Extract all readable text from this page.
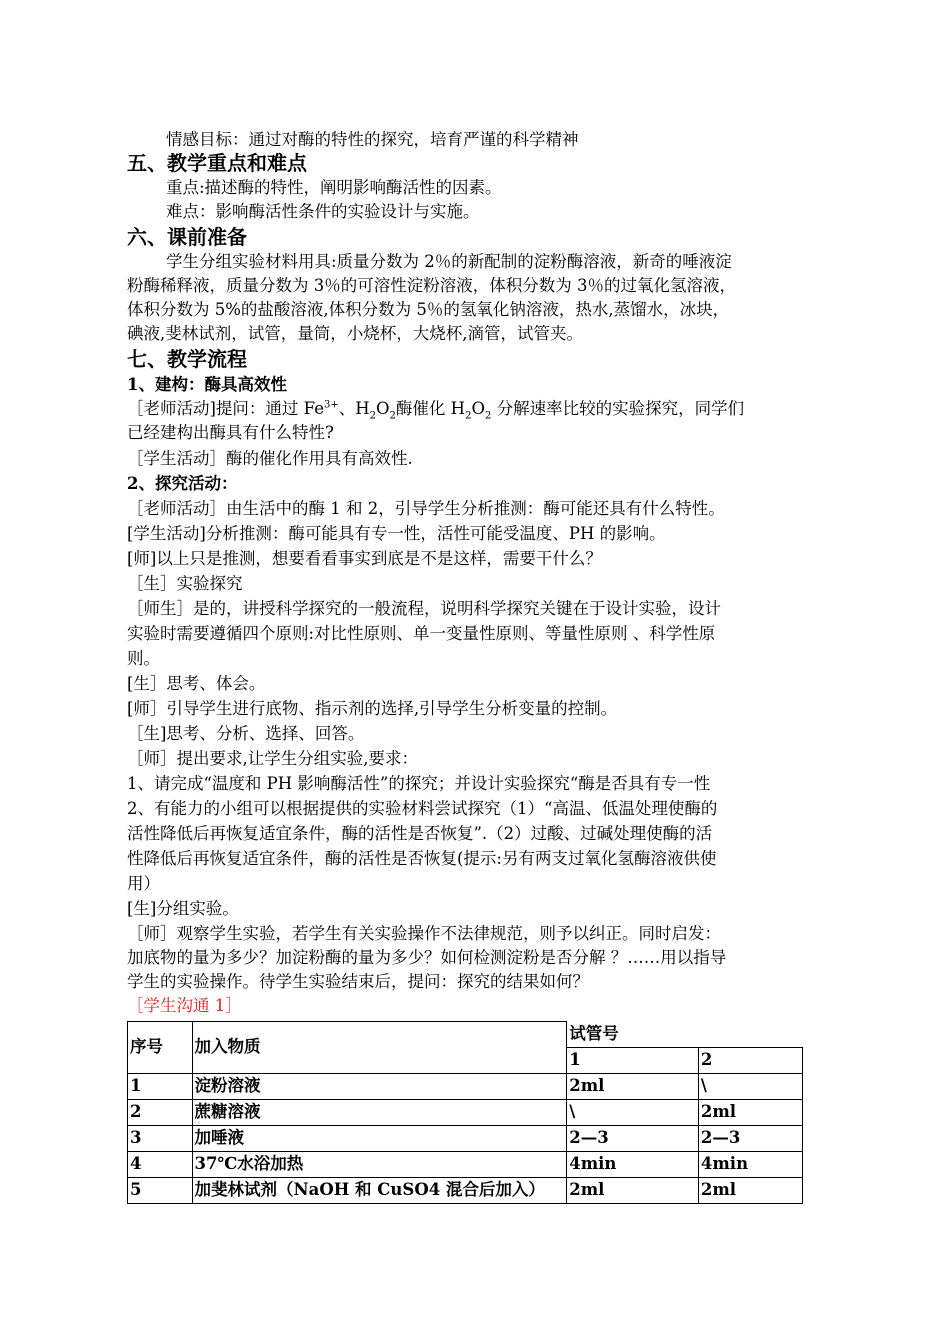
情感目标：通过对酶的特性的探究，培育严谨的科学精神
五、教学重点和难点
重点:描述酶的特性，阐明影响酶活性的因素。
难点：影响酶活性条件的实验设计与实施。
六、课前准备
学生分组实验材料用具:质量分数为 2％的新配制的淀粉酶溶液，新奇的唾液淀
粉酶稀释液，质量分数为 3％的可溶性淀粉溶液，体积分数为 3％的过氧化氢溶液，
体积分数为 5%的盐酸溶液,体积分数为 5％的氢氧化钠溶液，热水,蒸馏水，冰块，
碘液,斐林试剂，试管，量筒，小烧杯，大烧杯,滴管，试管夹。
七、教学流程
1、建构：酶具高效性
［老师活动]提问：通过 $Fe^{3+}$、$H_2O_2$酶催化 $H_2O_2$ 分解速率比较的实验探究，同学们
已经建构出酶具有什么特性?
［学生活动］酶的催化作用具有高效性.
2、探究活动：
［老师活动］由生活中的酶 1 和 2，引导学生分析推测：酶可能还具有什么特性。
[学生活动]分析推测：酶可能具有专一性，活性可能受温度、PH 的影响。
[师]以上只是推测，想要看看事实到底是不是这样，需要干什么？
［生］实验探究
［师生］是的，讲授科学探究的一般流程，说明科学探究关键在于设计实验，设计
实验时需要遵循四个原则:对比性原则、单一变量性原则、等量性原则 、科学性原
则。
[生］思考、体会。
[师］引导学生进行底物、指示剂的选择,引导学生分析变量的控制。
［生]思考、分析、选择、回答。
［师］提出要求,让学生分组实验,要求：
1、请完成“温度和 PH 影响酶活性”的探究；并设计实验探究“酶是否具有专一性
2、有能力的小组可以根据提供的实验材料尝试探究（1）“高温、低温处理使酶的
活性降低后再恢复适宜条件，酶的活性是否恢复”.（2）过酸、过碱处理使酶的活
性降低后再恢复适宜条件，酶的活性是否恢复(提示:另有两支过氧化氢酶溶液供使
用）
[生]分组实验。
［师］观察学生实验，若学生有关实验操作不法律规范，则予以纠正。同时启发：
加底物的量为多少？加淀粉酶的量为多少？如何检测淀粉是否分解 ？……用以指导
学生的实验操作。待学生实验结束后，提问：探究的结果如何？
［学生沟通 1］
序号	加入物质	试管号	
		1	2
1	淀粉溶液	2ml	\
2	蔗糖溶液	\	2ml
3	加唾液	2—3	2—3
4	37℃水浴加热	4min	4min
5	加斐林试剂（NaOH 和 CuSO4 混合后加入）	2ml	2ml
